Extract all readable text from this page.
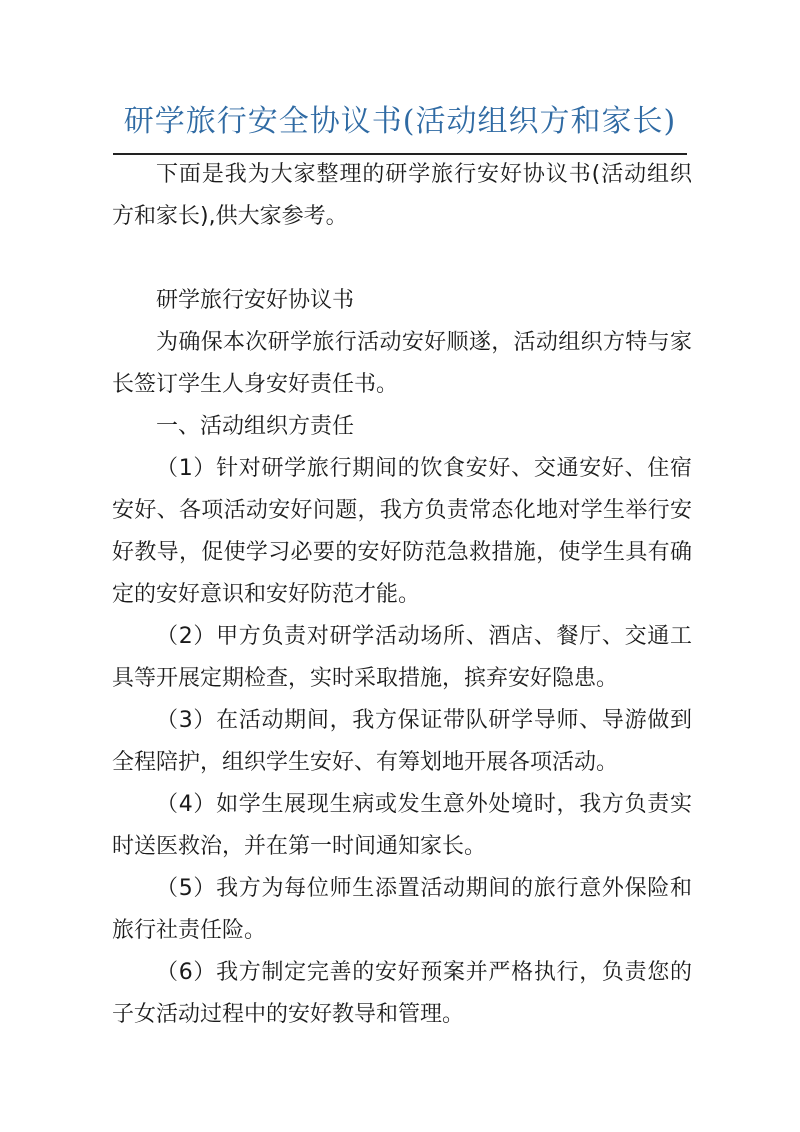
研学旅行安全协议书(活动组织方和家长)

下面是我为大家整理的研学旅行安好协议书(活动组织方和家长),供大家参考。

研学旅行安好协议书

为确保本次研学旅行活动安好顺遂，活动组织方特与家长签订学生人身安好责任书。

一、活动组织方责任

（1）针对研学旅行期间的饮食安好、交通安好、住宿安好、各项活动安好问题，我方负责常态化地对学生举行安好教导，促使学习必要的安好防范急救措施，使学生具有确定的安好意识和安好防范才能。

（2）甲方负责对研学活动场所、酒店、餐厅、交通工具等开展定期检查，实时采取措施，摈弃安好隐患。

（3）在活动期间，我方保证带队研学导师、导游做到全程陪护，组织学生安好、有筹划地开展各项活动。

（4）如学生展现生病或发生意外处境时，我方负责实时送医救治，并在第一时间通知家长。

（5）我方为每位师生添置活动期间的旅行意外保险和旅行社责任险。

（6）我方制定完善的安好预案并严格执行，负责您的子女活动过程中的安好教导和管理。
